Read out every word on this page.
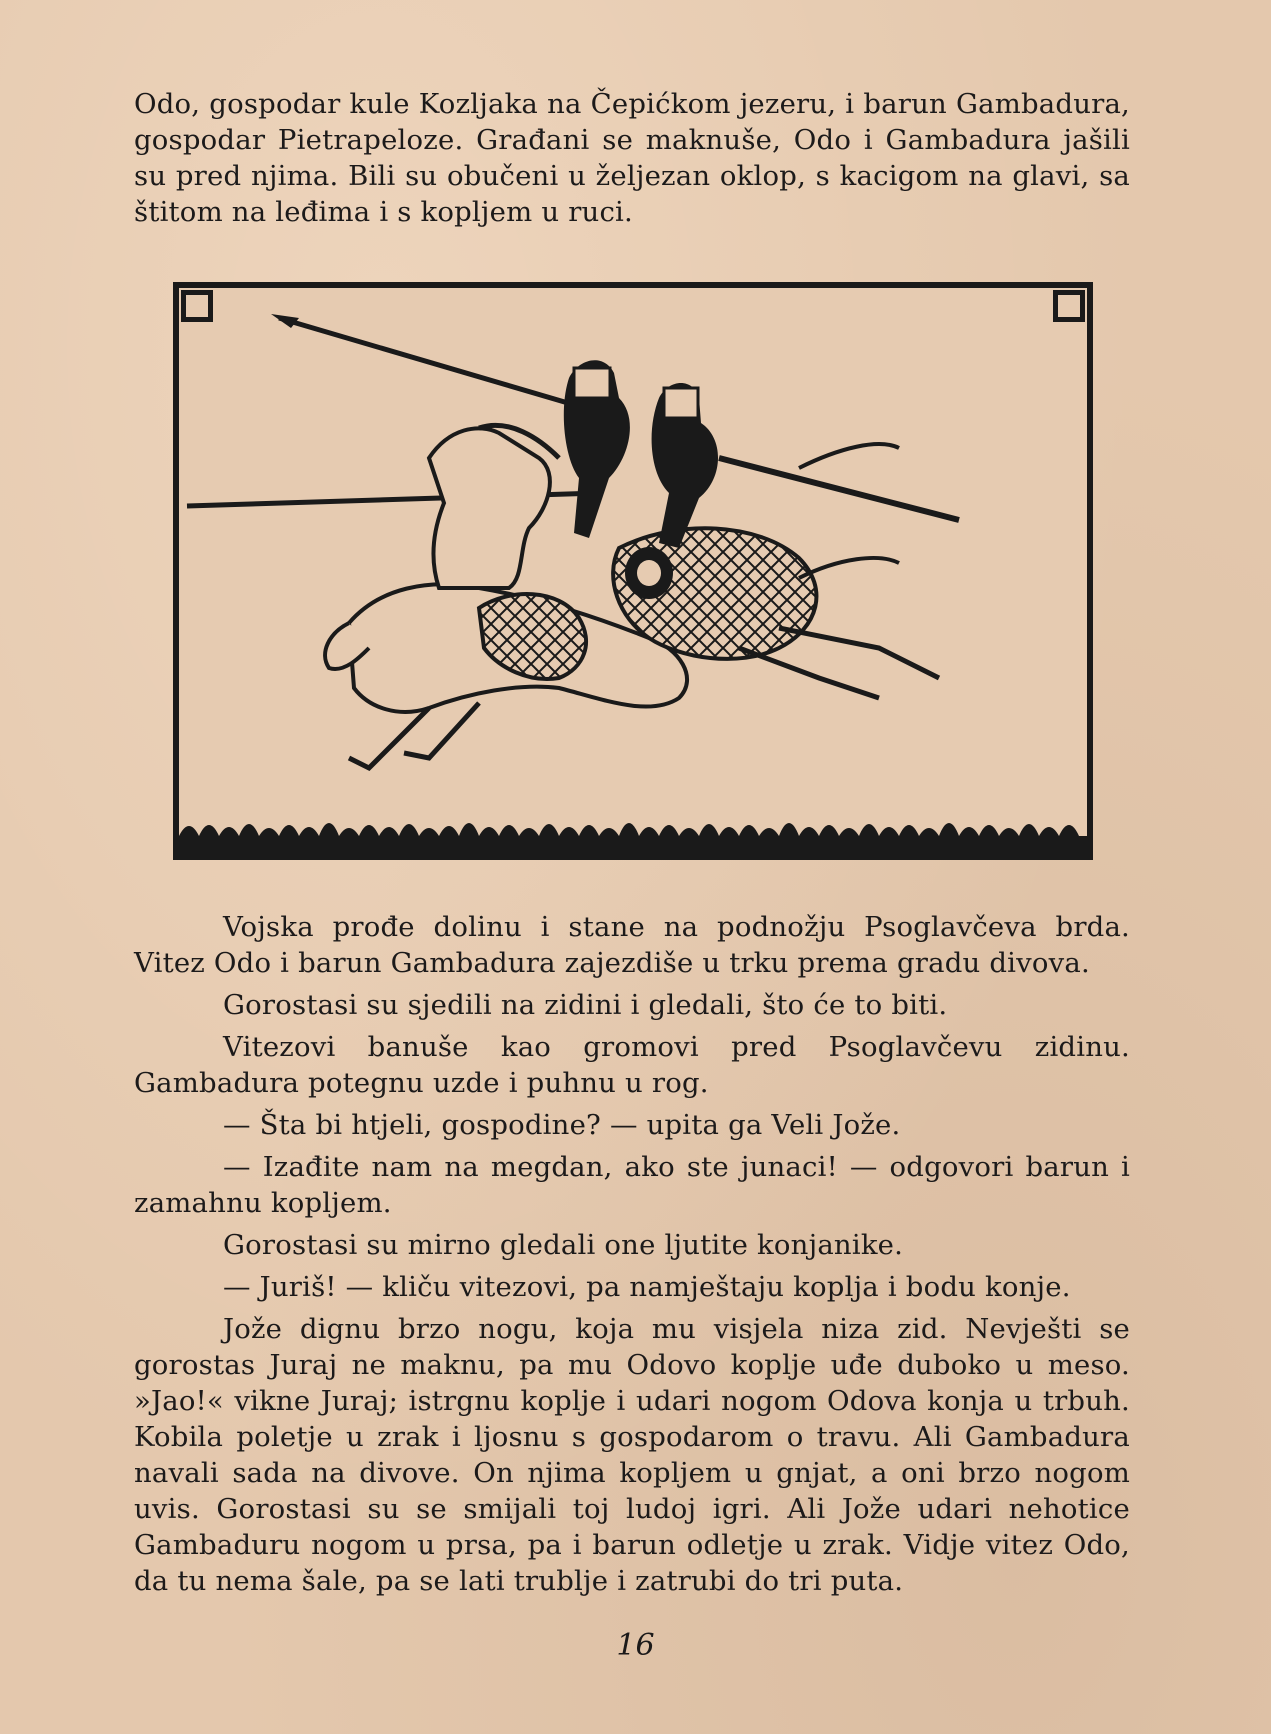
Odo, gospodar kule Kozljaka na Čepićkom jezeru, i barun Gambadura, gospodar Pietrapeloze. Građani se maknuše, Odo i Gambadura jašili su pred njima. Bili su obučeni u željezan oklop, s kacigom na glavi, sa štitom na leđima i s kopljem u ruci.

Vojska prođe dolinu i stane na podnožju Psoglavčeva brda. Vitez Odo i barun Gambadura zajezdiše u trku prema gradu divova.

Gorostasi su sjedili na zidini i gledali, što će to biti.

Vitezovi banuše kao gromovi pred Psoglavčevu zidinu. Gambadura potegnu uzde i puhnu u rog.

— Šta bi htjeli, gospodine? — upita ga Veli Jože.

— Izađite nam na megdan, ako ste junaci! — odgovori barun i zamahnu kopljem.

Gorostasi su mirno gledali one ljutite konjanike.

— Juriš! — kliču vitezovi, pa namještaju koplja i bodu konje.

Jože dignu brzo nogu, koja mu visjela niza zid. Nevješti se gorostas Juraj ne maknu, pa mu Odovo koplje uđe duboko u meso. »Jao!« vikne Juraj; istrgnu koplje i udari nogom Odova konja u trbuh. Kobila poletje u zrak i ljosnu s gospodarom o travu. Ali Gambadura navali sada na divove. On njima kopljem u gnjat, a oni brzo nogom uvis. Gorostasi su se smijali toj ludoj igri. Ali Jože udari nehotice Gambaduru nogom u prsa, pa i barun odletje u zrak. Vidje vitez Odo, da tu nema šale, pa se lati trublje i zatrubi do tri puta.

16
